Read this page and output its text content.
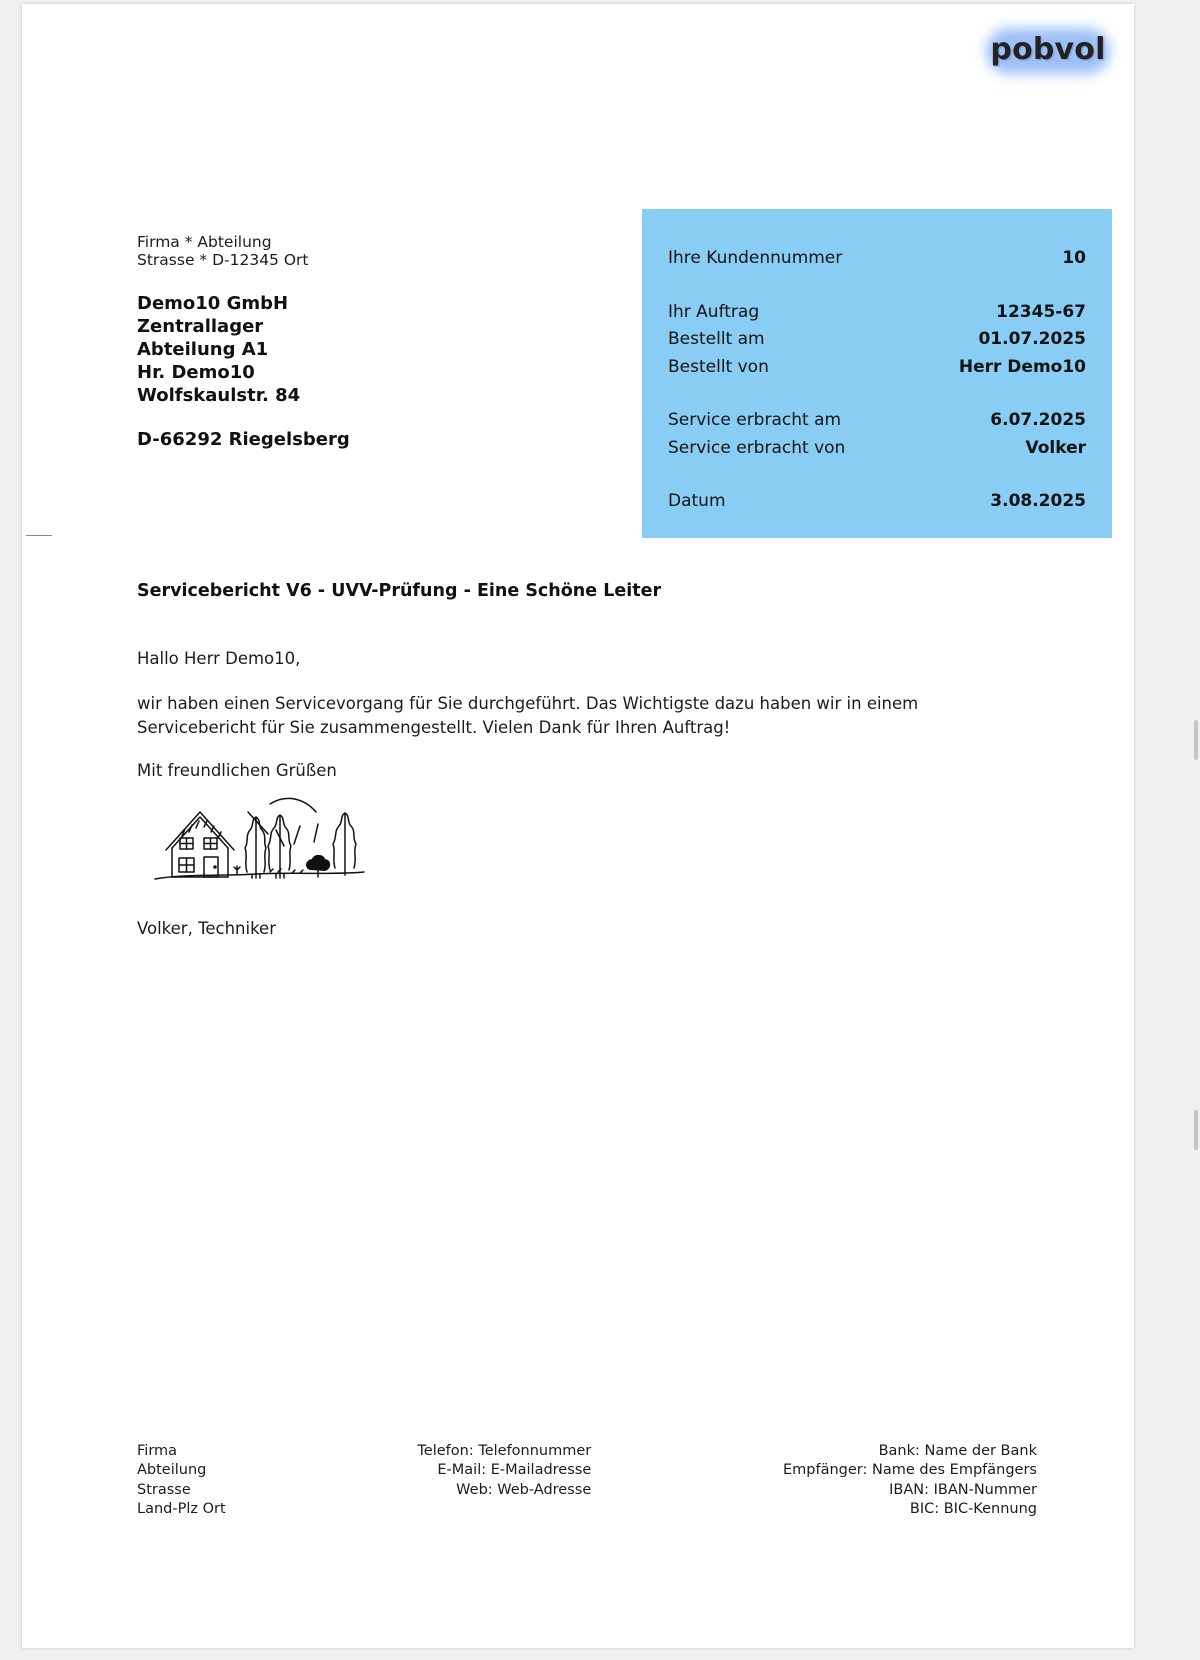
pobvol
Firma * Abteilung
Strasse * D-12345 Ort
Demo10 GmbH
Zentrallager
Abteilung A1
Hr. Demo10
Wolfskaulstr. 84
D-66292 Riegelsberg
Ihre Kundennummer	10
Ihr Auftrag	12345-67
Bestellt am	01.07.2025
Bestellt von	Herr Demo10
Service erbracht am	6.07.2025
Service erbracht von	Volker
Datum	3.08.2025
Servicebericht V6 - UVV-Prüfung - Eine Schöne Leiter
Hallo Herr Demo10,
wir haben einen Servicevorgang für Sie durchgeführt. Das Wichtigste dazu haben wir in einem Servicebericht für Sie zusammengestellt. Vielen Dank für Ihren Auftrag!
Mit freundlichen Grüßen
Volker, Techniker
Firma
Abteilung
Strasse
Land-Plz Ort
Telefon: Telefonnummer
E-Mail: E-Mailadresse
Web: Web-Adresse
Bank: Name der Bank
Empfänger: Name des Empfängers
IBAN: IBAN-Nummer
BIC: BIC-Kennung
